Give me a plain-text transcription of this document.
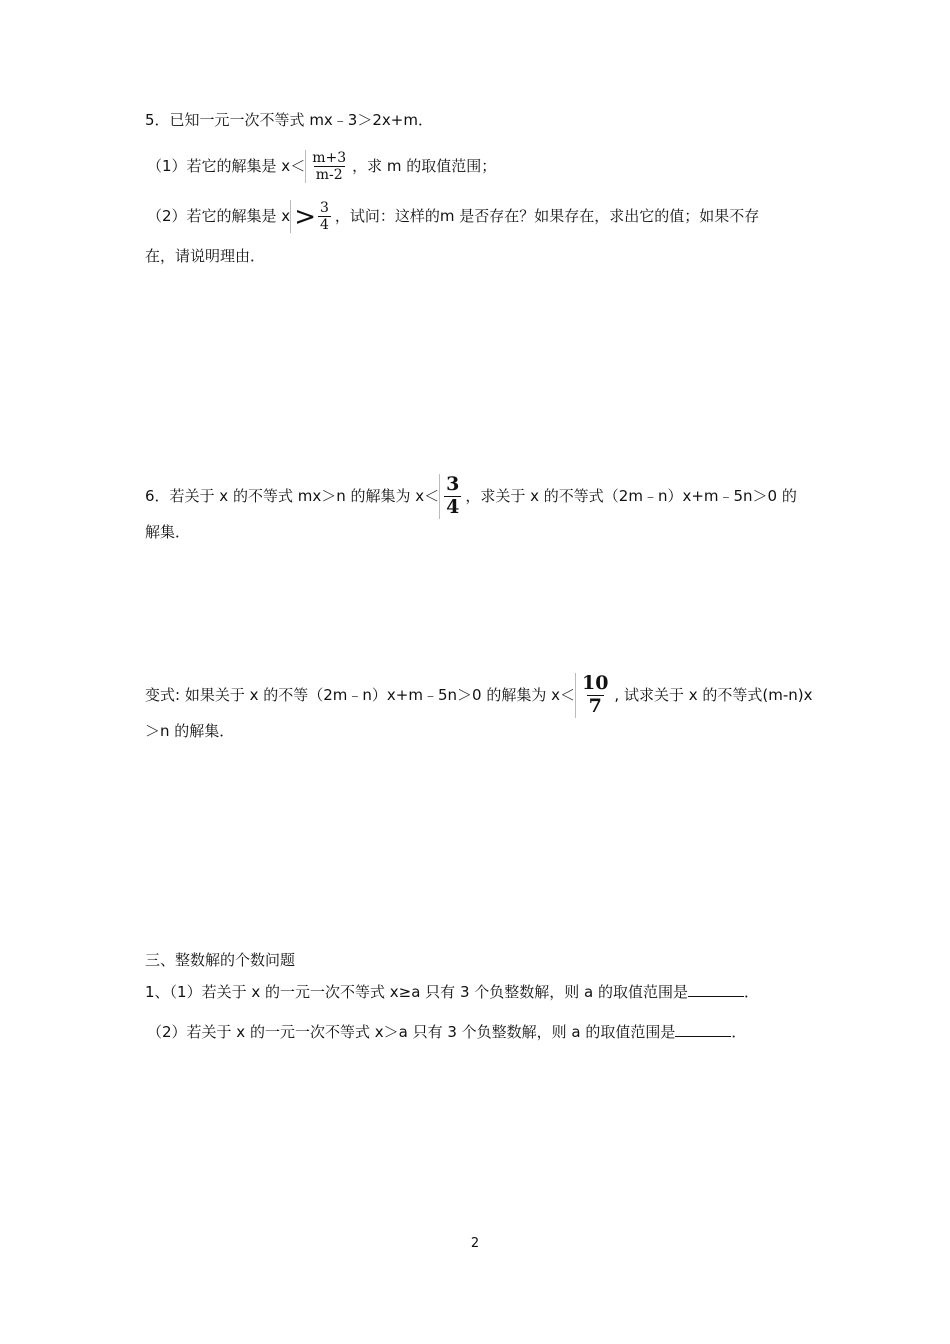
5．已知一元一次不等式 mx﹣3＞2x+m．
（1）若它的解集是 $x< \frac{m+3}{m-2}$ ，求 m 的取值范围；
（2）若它的解集是 $x > \frac{3}{4}$ ，试问：这样的m 是否存在？如果存在，求出它的值；如果不存
在，请说明理由．
6．若关于 x 的不等式 mx＞n 的解集为 $x< \frac{3}{4}$ ，求关于 x 的不等式（2m﹣n）x+m﹣5n＞0 的
解集．
变式: 如果关于 x 的不等（2m﹣n）x+m﹣5n＞0 的解集为 $x< \frac{10}{7}$ , 试求关于 x 的不等式(m-n)x
＞n 的解集．
三、整数解的个数问题
1、（1）若关于 x 的一元一次不等式 x≥a 只有 3 个负整数解，则 a 的取值范围是	．
（2）若关于 x 的一元一次不等式 x＞a 只有 3 个负整数解，则 a 的取值范围是	．
2
